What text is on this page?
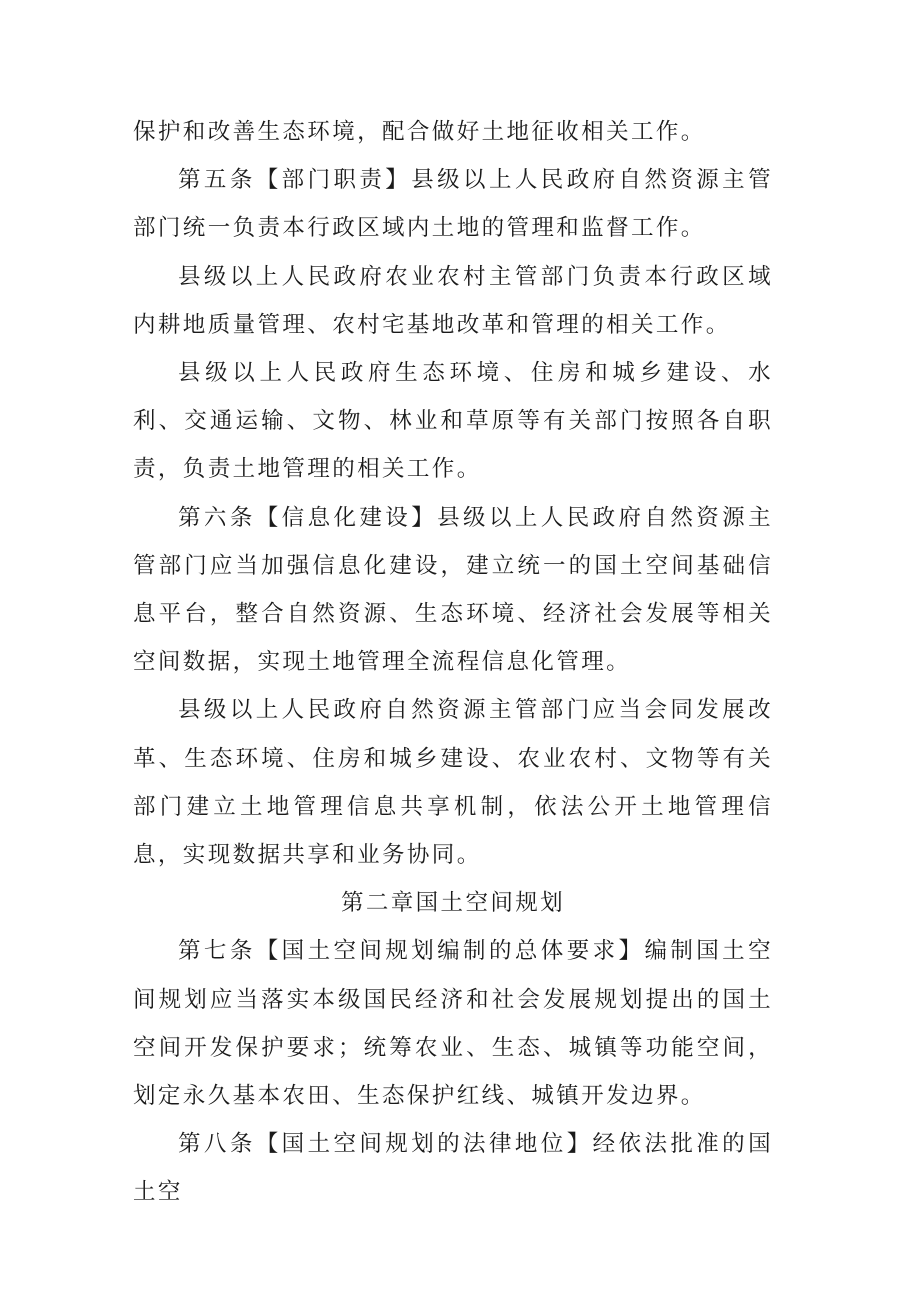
保护和改善生态环境，配合做好土地征收相关工作。

第五条【部门职责】县级以上人民政府自然资源主管部门统一负责本行政区域内土地的管理和监督工作。

县级以上人民政府农业农村主管部门负责本行政区域内耕地质量管理、农村宅基地改革和管理的相关工作。

县级以上人民政府生态环境、住房和城乡建设、水利、交通运输、文物、林业和草原等有关部门按照各自职责，负责土地管理的相关工作。

第六条【信息化建设】县级以上人民政府自然资源主管部门应当加强信息化建设，建立统一的国土空间基础信息平台，整合自然资源、生态环境、经济社会发展等相关空间数据，实现土地管理全流程信息化管理。

县级以上人民政府自然资源主管部门应当会同发展改革、生态环境、住房和城乡建设、农业农村、文物等有关部门建立土地管理信息共享机制，依法公开土地管理信息，实现数据共享和业务协同。

第二章国土空间规划

第七条【国土空间规划编制的总体要求】编制国土空间规划应当落实本级国民经济和社会发展规划提出的国土空间开发保护要求；统筹农业、生态、城镇等功能空间，划定永久基本农田、生态保护红线、城镇开发边界。

第八条【国土空间规划的法律地位】经依法批准的国土空
